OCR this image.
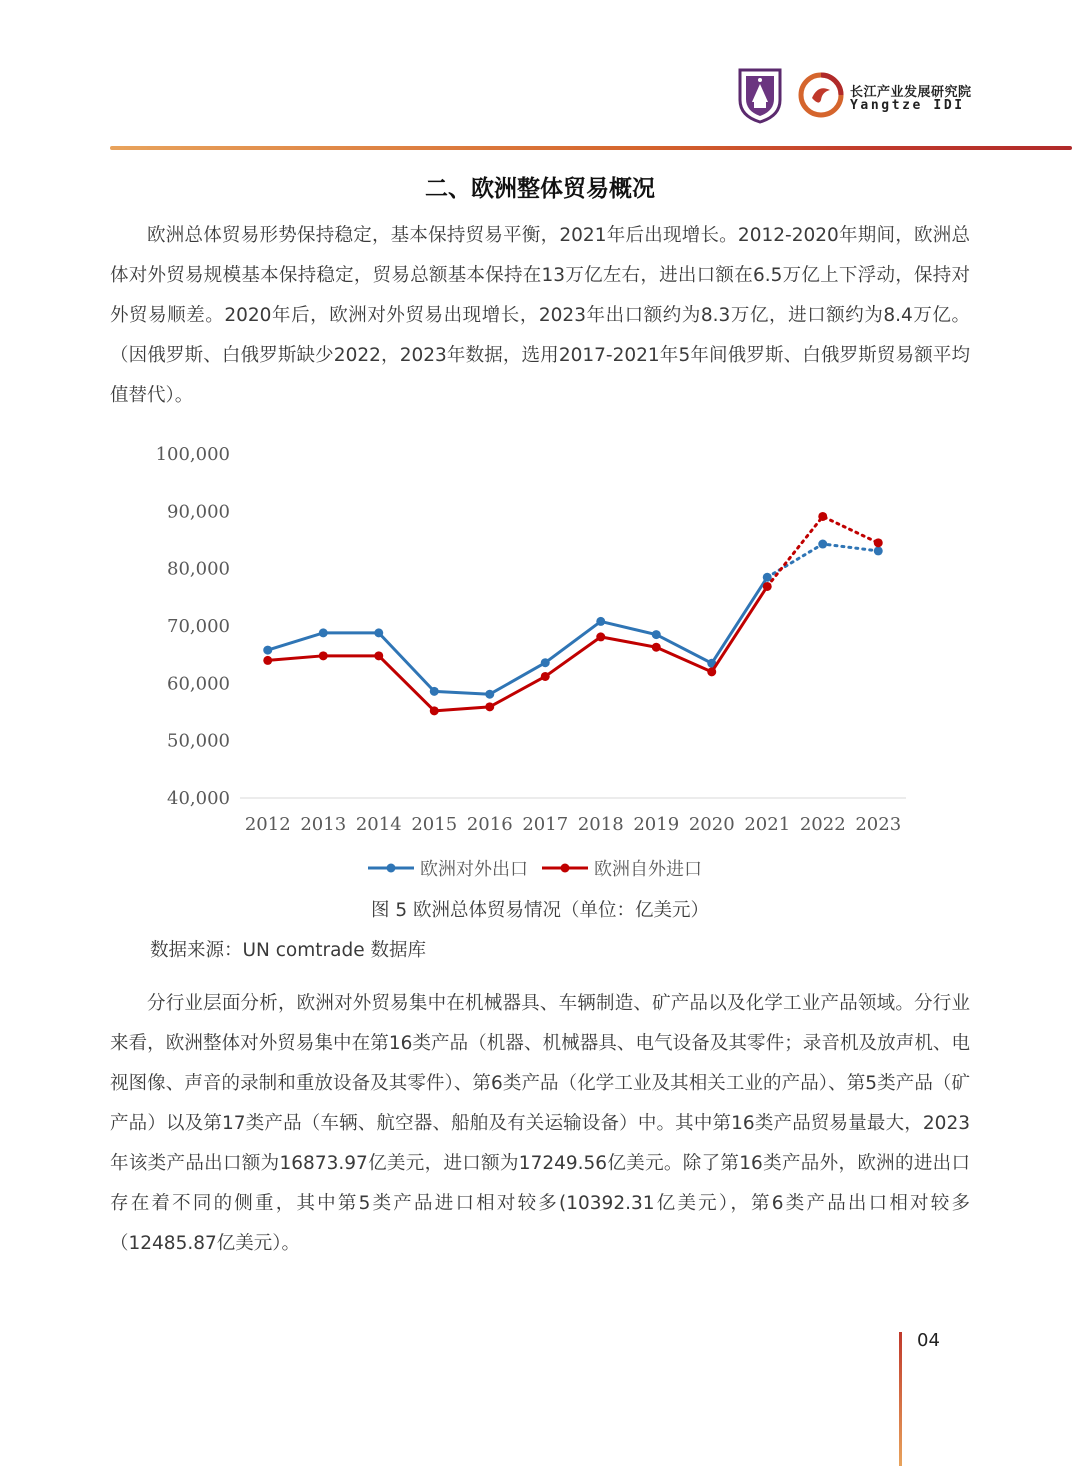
长江产业发展研究院
Yangtze IDI
二、欧洲整体贸易概况

欧洲总体贸易形势保持稳定，基本保持贸易平衡，2021年后出现增长。2012-2020年期间，欧洲总体对外贸易规模基本保持稳定，贸易总额基本保持在13万亿左右，进出口额在6.5万亿上下浮动，保持对外贸易顺差。2020年后，欧洲对外贸易出现增长，2023年出口额约为8.3万亿，进口额约为8.4万亿。（因俄罗斯、白俄罗斯缺少2022，2023年数据，选用2017-2021年5年间俄罗斯、白俄罗斯贸易额平均值替代）。

40,000
50,000
60,000
70,000
80,000
90,000
100,000
2012 2013 2014 2015 2016 2017 2018 2019 2020 2021 2022 2023
欧洲对外出口	欧洲自外进口
图 5 欧洲总体贸易情况（单位：亿美元）
数据来源：UN comtrade 数据库

分行业层面分析，欧洲对外贸易集中在机械器具、车辆制造、矿产品以及化学工业产品领域。分行业来看，欧洲整体对外贸易集中在第16类产品（机器、机械器具、电气设备及其零件；录音机及放声机、电视图像、声音的录制和重放设备及其零件）、第6类产品（化学工业及其相关工业的产品）、第5类产品（矿产品）以及第17类产品（车辆、航空器、船舶及有关运输设备）中。其中第16类产品贸易量最大，2023年该类产品出口额为16873.97亿美元，进口额为17249.56亿美元。除了第16类产品外，欧洲的进出口存在着不同的侧重，其中第5类产品进口相对较多(10392.31亿美元），第6类产品出口相对较多（12485.87亿美元）。

04
